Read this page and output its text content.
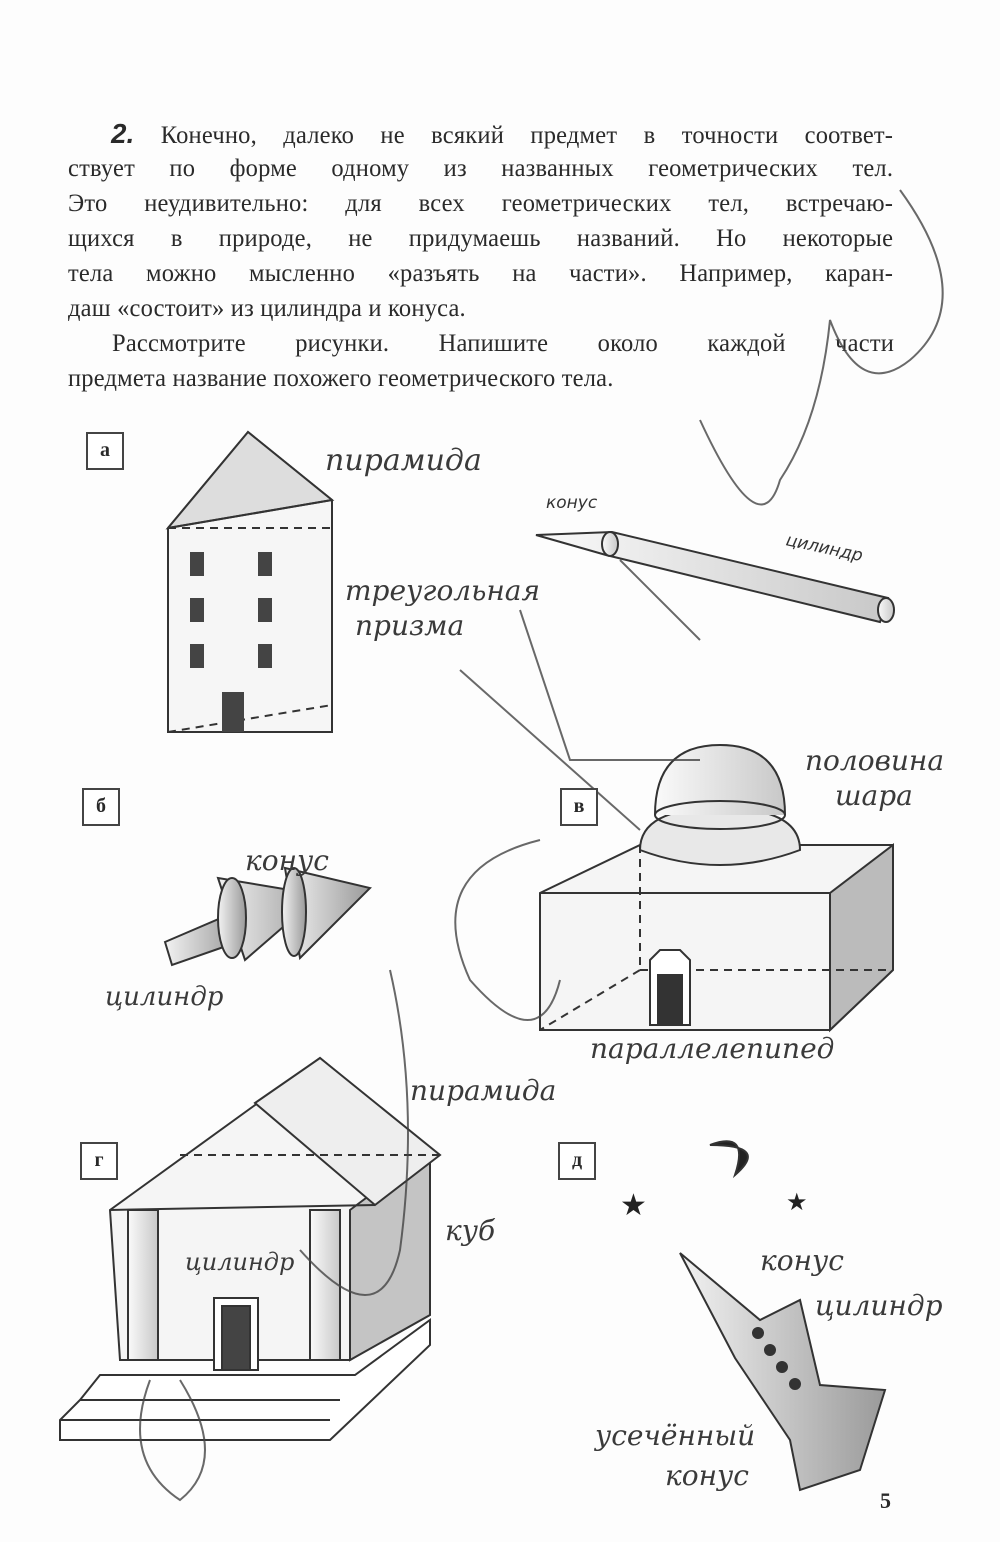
2. Конечно, далеко не всякий предмет в точности соответ-
ствует по форме одному из названных геометрических тел.
Это неудивительно: для всех геометрических тел, встречаю-
щихся в природе, не придумаешь названий. Но некоторые
тела можно мысленно «разъять на части». Например, каран-
даш «состоит» из цилиндра и конуса.
Рассмотрите рисунки. Напишите около каждой части
предмета название похожего геометрического тела.
★	★
конус
цилиндр
пирамида
треугольная
призма
конус
цилиндр
половина
шара
параллелепипед
пирамида
куб
цилиндр	конус
цилиндр
усечённый
конус
а
б	в
г	д
5
